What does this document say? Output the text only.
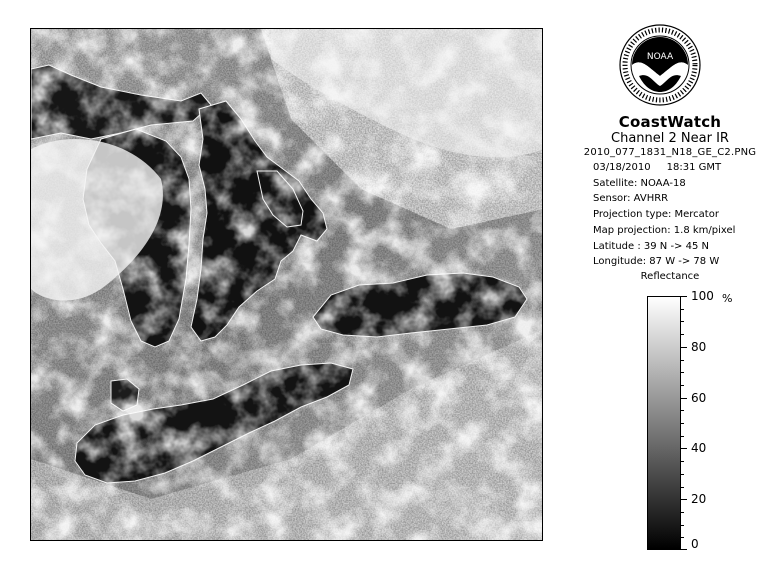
NOAA
CoastWatch
Channel 2 Near IR
2010_077_1831_N18_GE_C2.PNG
03/18/2010 18:31 GMT
Satellite: NOAA-18
Sensor: AVHRR
Projection type: Mercator
Map projection: 1.8 km/pixel
Latitude : 39 N -> 45 N
Longitude: 87 W -> 78 W
Reflectance
100
80
60
40
20
0
%
